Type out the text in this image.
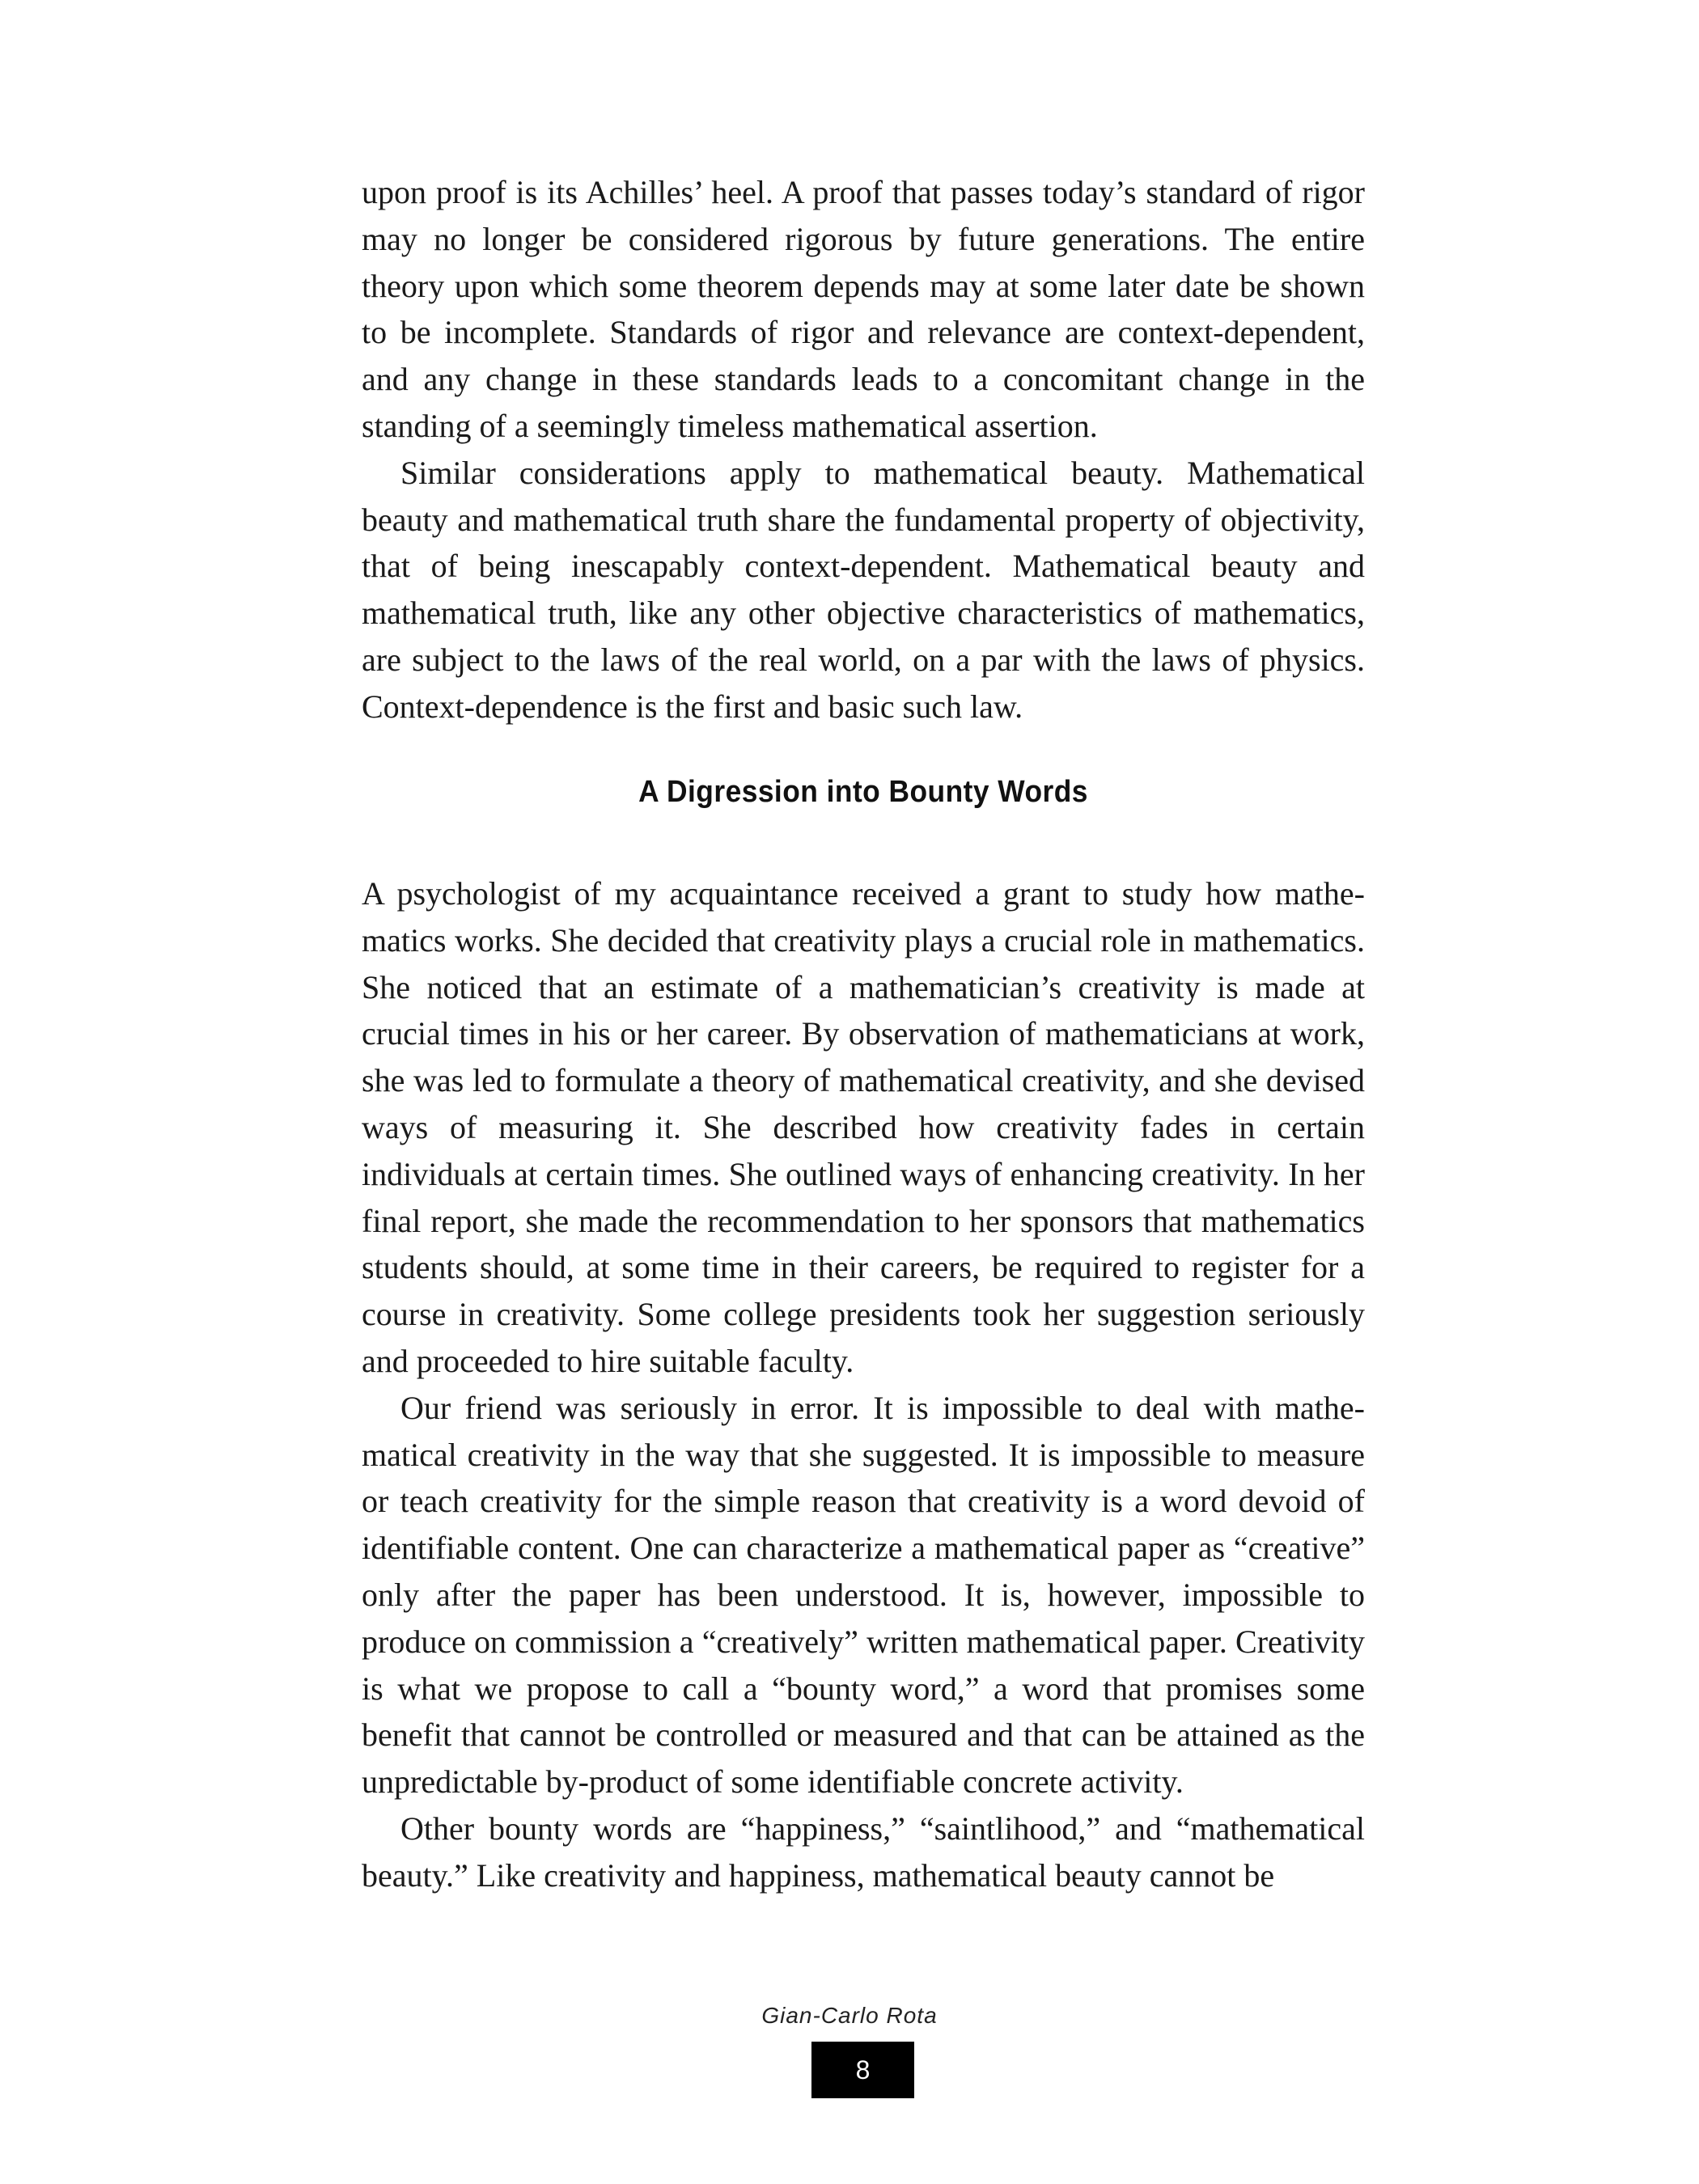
upon proof is its Achilles’ heel. A proof that passes today’s standard of rigor may no longer be considered rigorous by future generations. The entire theory upon which some theorem depends may at some later date be shown to be incomplete. Standards of rigor and relevance are context-dependent, and any change in these standards leads to a concomitant change in the standing of a seemingly timeless mathematical assertion.

Similar considerations apply to mathematical beauty. Mathematical beauty and mathematical truth share the fundamental property of objectivity, that of being inescapably context-dependent. Mathematical beauty and mathematical truth, like any other objective characteristics of mathematics, are subject to the laws of the real world, on a par with the laws of physics. Context-dependence is the first and basic such law.

A Digression into Bounty Words

A psychologist of my acquaintance received a grant to study how mathematics works. She decided that creativity plays a crucial role in mathematics. She noticed that an estimate of a mathematician’s creativity is made at crucial times in his or her career. By observation of mathematicians at work, she was led to formulate a theory of mathematical creativity, and she devised ways of measuring it. She described how creativity fades in certain individuals at certain times. She outlined ways of enhancing creativity. In her final report, she made the recommendation to her sponsors that mathematics students should, at some time in their careers, be required to register for a course in creativity. Some college presidents took her suggestion seriously and proceeded to hire suitable faculty.

Our friend was seriously in error. It is impossible to deal with mathematical creativity in the way that she suggested. It is impossible to measure or teach creativity for the simple reason that creativity is a word devoid of identifiable content. One can characterize a mathematical paper as “creative” only after the paper has been understood. It is, however, impossible to produce on commission a “creatively” written mathematical paper. Creativity is what we propose to call a “bounty word,” a word that promises some benefit that cannot be controlled or measured and that can be attained as the unpredictable by-product of some identifiable concrete activity.

Other bounty words are “happiness,” “saintlihood,” and “mathematical beauty.” Like creativity and happiness, mathematical beauty cannot be

Gian-Carlo Rota
8
